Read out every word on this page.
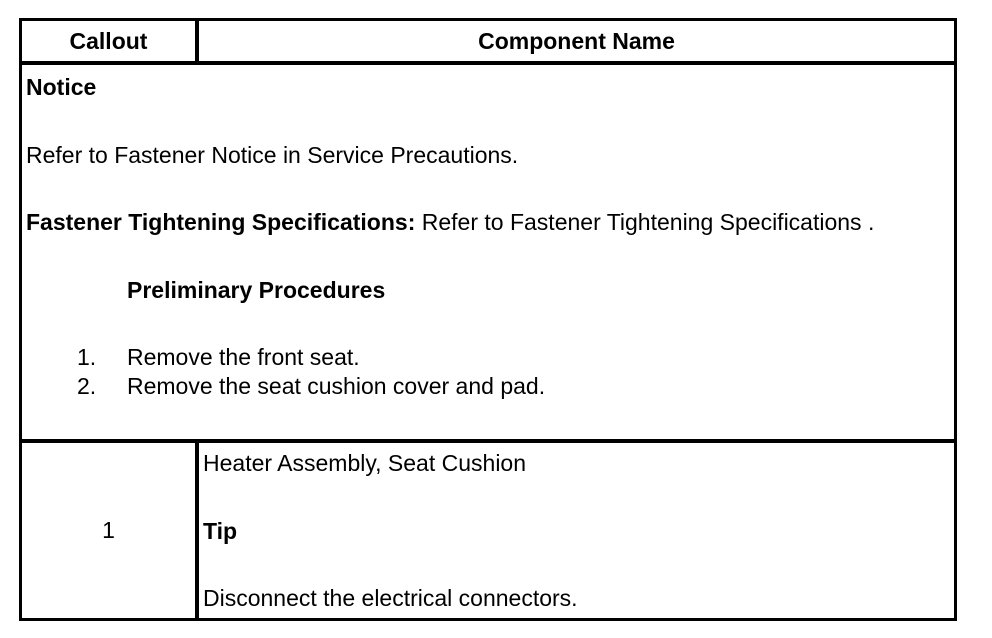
Callout	Component Name
Notice
Refer to Fastener Notice in Service Precautions.
Fastener Tightening Specifications: Refer to Fastener Tightening Specifications .
Preliminary Procedures
1. Remove the front seat.
2. Remove the seat cushion cover and pad.
1
Heater Assembly, Seat Cushion
Tip
Disconnect the electrical connectors.
